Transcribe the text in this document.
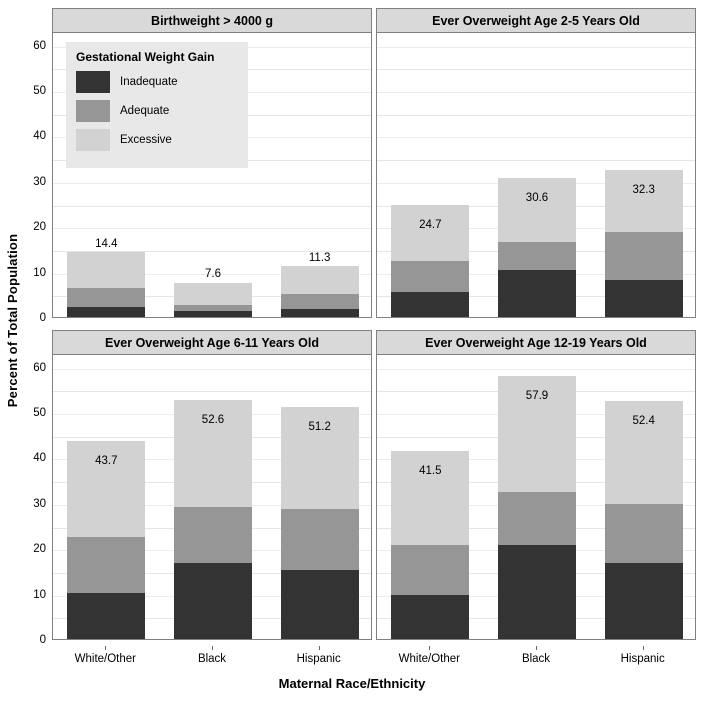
Percent of Total Population 0
10
20
30
40
50
60
0
10
20
30
40
50
60
Birthweight > 4000 g
14.4
7.6
11.3
Ever Overweight Age 2-5 Years Old
24.7
30.6
32.3
Ever Overweight Age 6-11 Years Old
43.7
52.6
51.2
Ever Overweight Age 12-19 Years Old
41.5
57.9
52.4
Gestational Weight Gain
Inadequate
Adequate
Excessive
White/Other	Black	Hispanic	White/Other	Black	Hispanic
Maternal Race/Ethnicity
